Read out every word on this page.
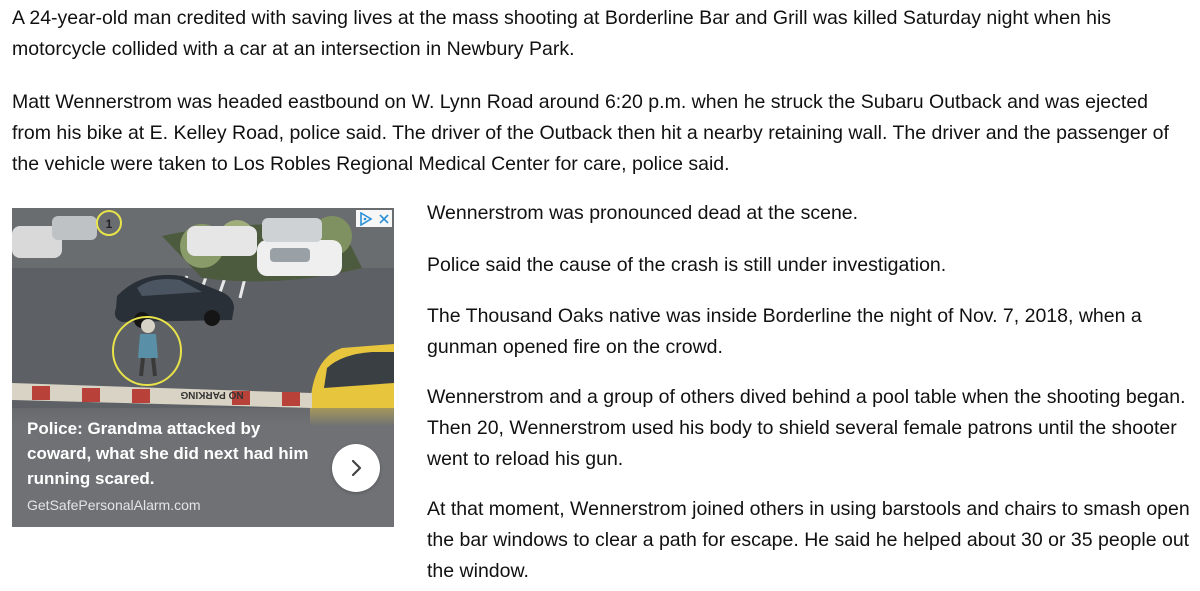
A 24-year-old man credited with saving lives at the mass shooting at Borderline Bar and Grill was killed Saturday night when his motorcycle collided with a car at an intersection in Newbury Park.

Matt Wennerstrom was headed eastbound on W. Lynn Road around 6:20 p.m. when he struck the Subaru Outback and was ejected from his bike at E. Kelley Road, police said. The driver of the Outback then hit a nearby retaining wall. The driver and the passenger of the vehicle were taken to Los Robles Regional Medical Center for care, police said.

1
NO PARKING
Police: Grandma attacked by coward, what she did next had him running scared.
GetSafePersonalAlarm.com

Wennerstrom was pronounced dead at the scene.

Police said the cause of the crash is still under investigation.

The Thousand Oaks native was inside Borderline the night of Nov. 7, 2018, when a gunman opened fire on the crowd.

Wennerstrom and a group of others dived behind a pool table when the shooting began. Then 20, Wennerstrom used his body to shield several female patrons until the shooter went to reload his gun.

At that moment, Wennerstrom joined others in using barstools and chairs to smash open the bar windows to clear a path for escape. He said he helped about 30 or 35 people out the window.
